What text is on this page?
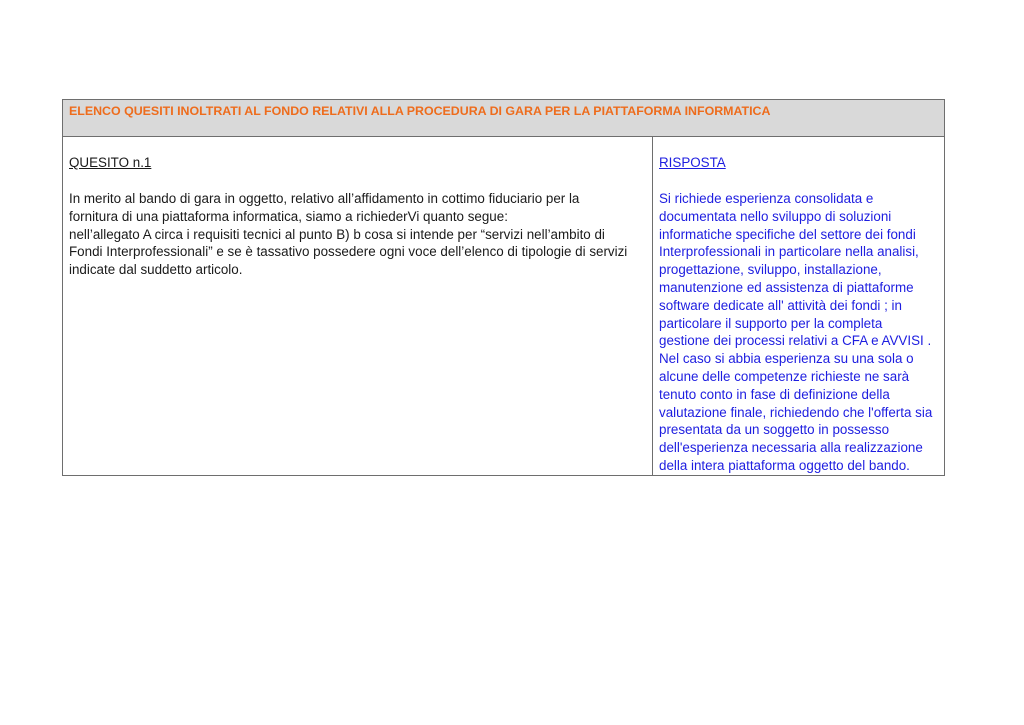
ELENCO QUESITI INOLTRATI AL FONDO RELATIVI ALLA PROCEDURA DI GARA PER LA PIATTAFORMA INFORMATICA
QUESITO n.1
In merito al bando di gara in oggetto, relativo all’affidamento in cottimo fiduciario per la
fornitura di una piattaforma informatica, siamo a richiederVi quanto segue:
nell’allegato A circa i requisiti tecnici al punto B) b cosa si intende per “servizi nell’ambito di
Fondi Interprofessionali” e se è tassativo possedere ogni voce dell’elenco di tipologie di servizi
indicate dal suddetto articolo.
RISPOSTA
Si richiede esperienza consolidata e
documentata nello sviluppo di soluzioni
informatiche specifiche del settore dei fondi
Interprofessionali in particolare nella analisi,
progettazione, sviluppo, installazione,
manutenzione ed assistenza di piattaforme
software dedicate all' attività dei fondi ; in
particolare il supporto per la completa
gestione dei processi relativi a CFA e AVVISI .
Nel caso si abbia esperienza su una sola o
alcune delle competenze richieste ne sarà
tenuto conto in fase di definizione della
valutazione finale, richiedendo che l'offerta sia
presentata da un soggetto in possesso
dell'esperienza necessaria alla realizzazione
della intera piattaforma oggetto del bando.
